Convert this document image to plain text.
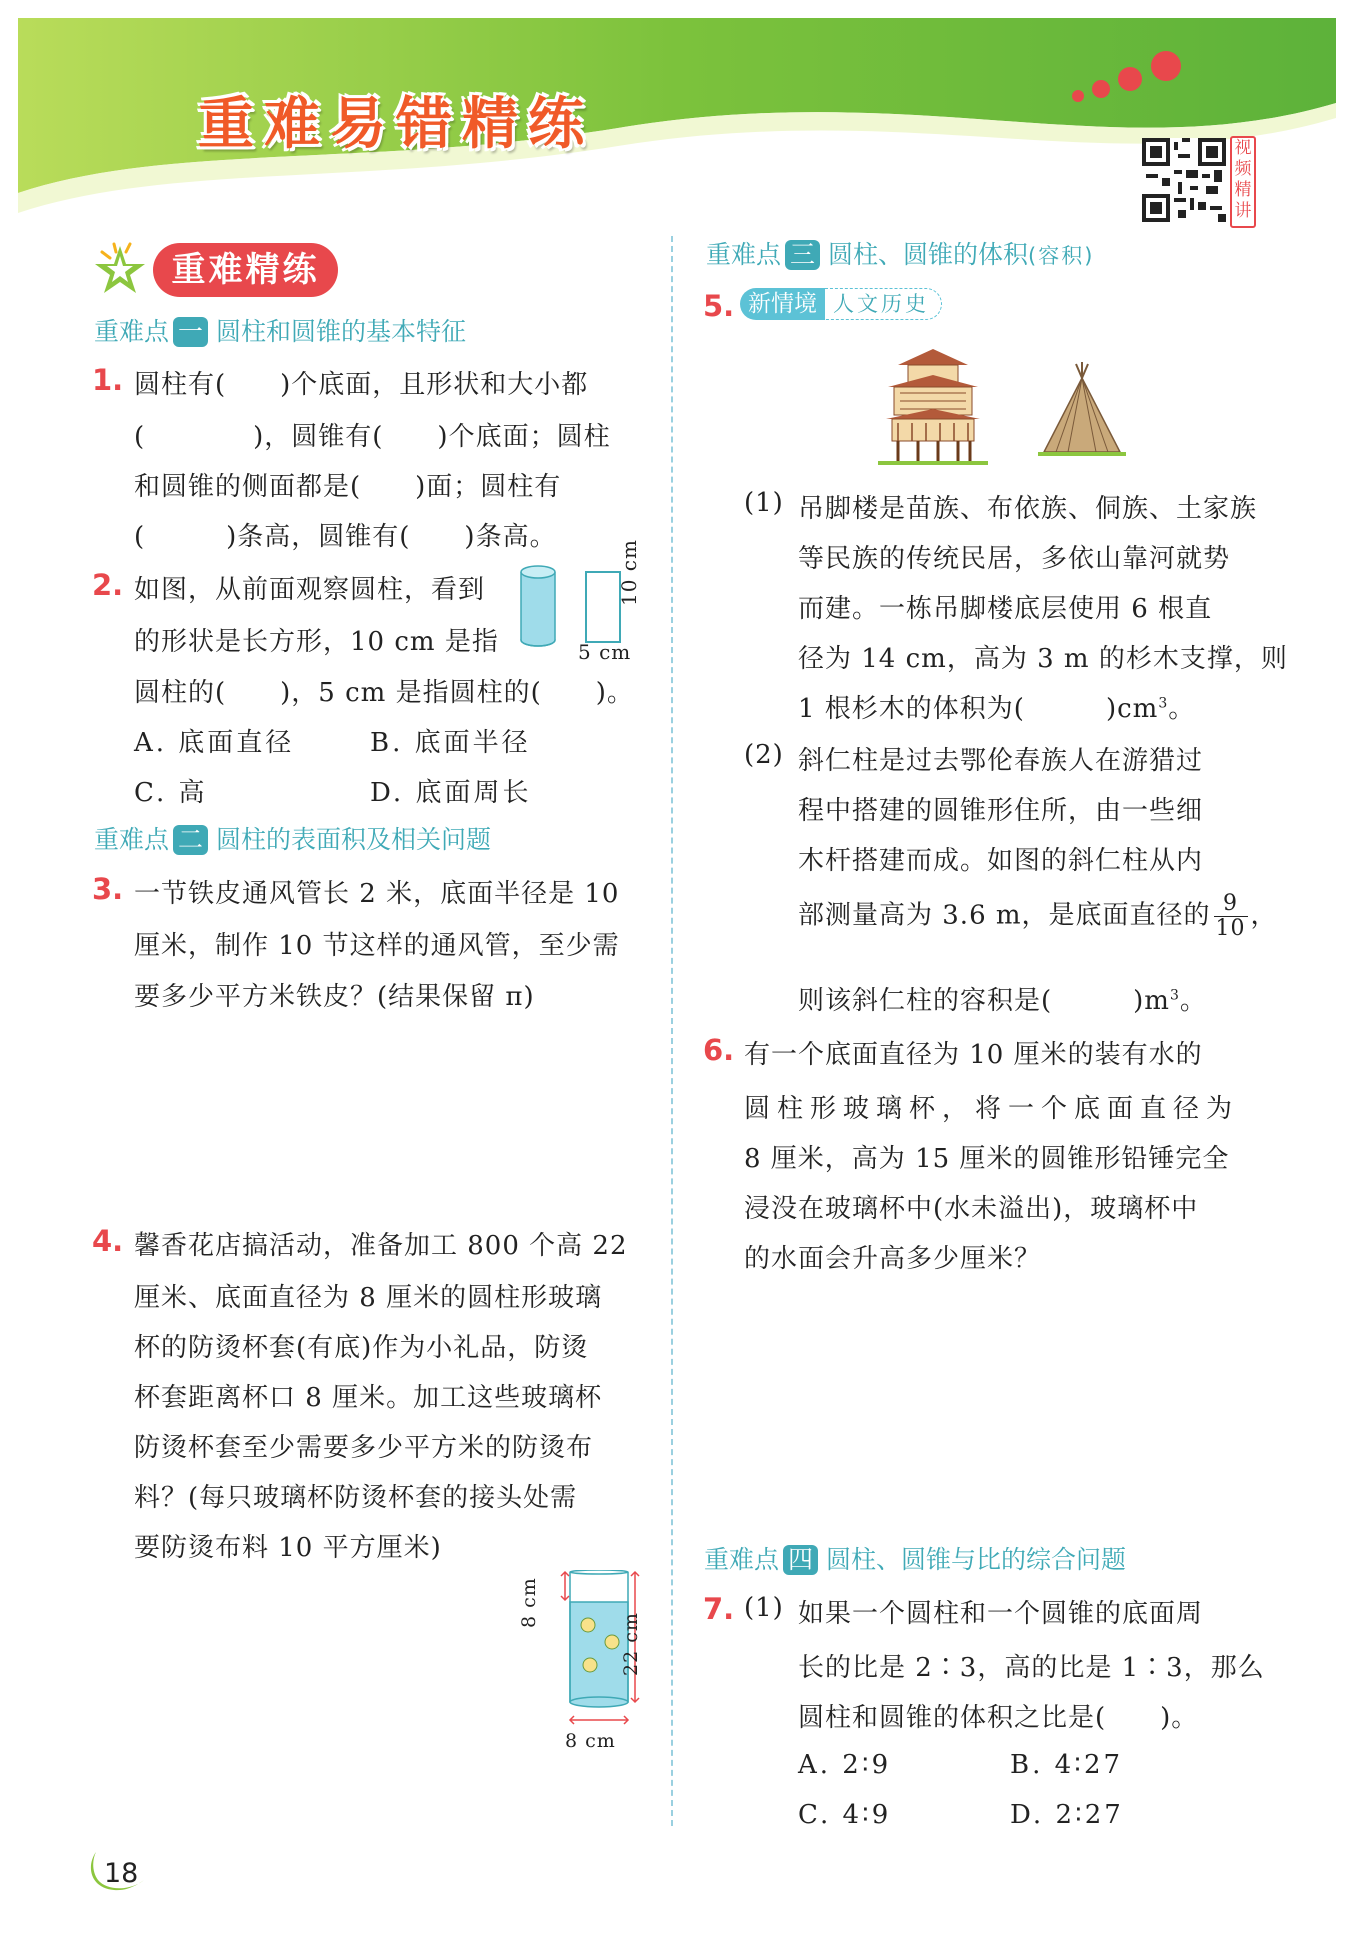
重难易错精练	视频精讲
重难精练
重难点 一 圆柱和圆锥的基本特征
1. 圆柱有(　　)个底面，且形状和大小都
(　　　　)，圆锥有(　　)个底面；圆柱
和圆锥的侧面都是(　　)面；圆柱有
(　　　)条高，圆锥有(　　)条高。
2. 如图，从前面观察圆柱，看到
的形状是长方形，10 cm 是指
圆柱的(　　)，5 cm 是指圆柱的(　　)。
10 cm
5 cm
A. 底面直径	B. 底面半径
C. 高	D. 底面周长
重难点 二 圆柱的表面积及相关问题
3. 一节铁皮通风管长 2 米，底面半径是 10
厘米，制作 10 节这样的通风管，至少需
要多少平方米铁皮？(结果保留 π)
4. 馨香花店搞活动，准备加工 800 个高 22
厘米、底面直径为 8 厘米的圆柱形玻璃
杯的防烫杯套(有底)作为小礼品，防烫
杯套距离杯口 8 厘米。加工这些玻璃杯
防烫杯套至少需要多少平方米的防烫布
料？(每只玻璃杯防烫杯套的接头处需
要防烫布料 10 平方厘米)
8 cm
22 cm
8 cm
重难点 三 圆柱、圆锥的体积(容积)
5. 新情境 人文历史
(1) 吊脚楼是苗族、布依族、侗族、土家族
等民族的传统民居，多依山靠河就势
而建。一栋吊脚楼底层使用 6 根直
径为 14 cm，高为 3 m 的杉木支撑，则
1 根杉木的体积为(　　　)$cm^3$。
(2) 斜仁柱是过去鄂伦春族人在游猎过
程中搭建的圆锥形住所，由一些细
木杆搭建而成。如图的斜仁柱从内
部测量高为 3.6 m，是底面直径的 $\frac{9}{10}$ ，
则该斜仁柱的容积是(　　　)$m^3$。
6. 有一个底面直径为 10 厘米的装有水的
圆柱形玻璃杯，将一个底面直径为
8 厘米，高为 15 厘米的圆锥形铅锤完全
浸没在玻璃杯中(水未溢出)，玻璃杯中
的水面会升高多少厘米？
重难点 四 圆柱、圆锥与比的综合问题
7. (1) 如果一个圆柱和一个圆锥的底面周
长的比是 2∶3，高的比是 1∶3，那么
圆柱和圆锥的体积之比是(　　)。
A. 2∶9	B. 4∶27
C. 4∶9	D. 2∶27
18
